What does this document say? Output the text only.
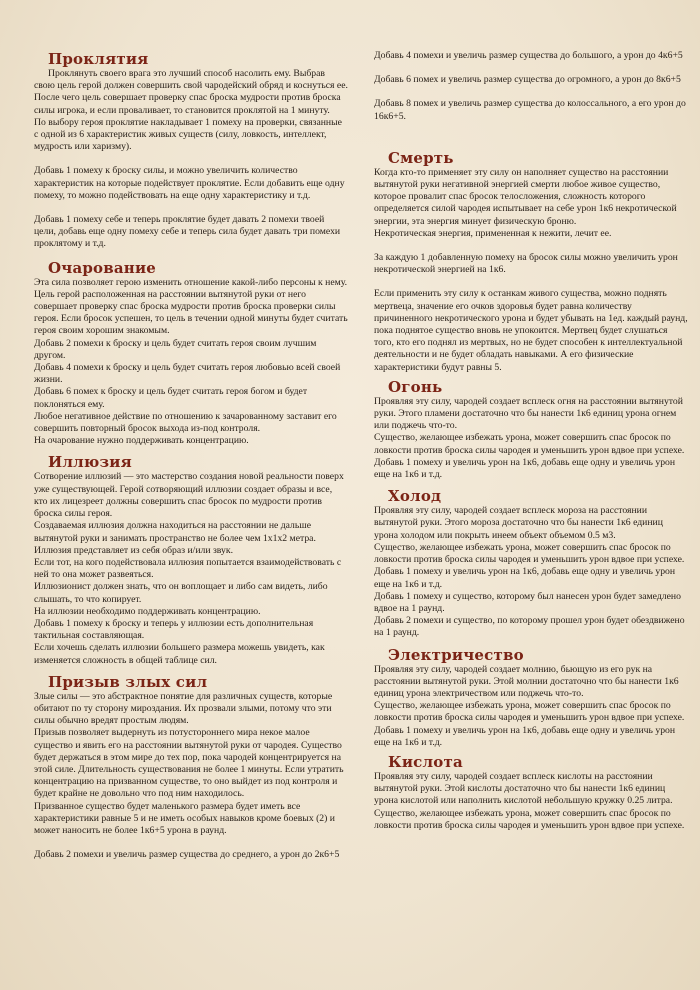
Проклятия

Проклянуть своего врага это лучший способ насолить ему. Выбрав свою цель герой должен совершить свой чародейский обряд и коснуться ее. После чего цель совершает проверку спас броска мудрости против броска силы игрока, и если проваливает, то становится проклятой на 1 минуту.

По выбору героя проклятие накладывает 1 помеху на проверки, связанные с одной из 6 характеристик живых существ (силу, ловкость, интеллект, мудрость или харизму).

Добавь 1 помеху к броску силы, и можно увеличить количество характеристик на которые подействует проклятие. Если добавить еще одну помеху, то можно подействовать на еще одну характеристику и т.д.

Добавь 1 помеху себе и теперь проклятие будет давать 2 помехи твоей цели, добавь еще одну помеху себе и теперь сила будет давать три помехи проклятому и т.д.

Очарование

Эта сила позволяет герою изменить отношение какой-либо персоны к нему. Цель герой расположенная на расстоянии вытянутой руки от него совершает проверку спас броска мудрости против броска проверки силы героя. Если бросок успешен, то цель в течении одной минуты будет считать героя своим хорошим знакомым.

Добавь 2 помехи к броску и цель будет считать героя своим лучшим другом.

Добавь 4 помехи к броску и цель будет считать героя любовью всей своей жизни.

Добавь 6 помех к броску и цель будет считать героя богом и будет поклоняться ему.

Любое негативное действие по отношению к зачарованному заставит его совершить повторный бросок выхода из-под контроля.

На очарование нужно поддерживать концентрацию.

Иллюзия

Сотворение иллюзий — это мастерство создания новой реальности поверх уже существующей. Герой сотворяющий иллюзии создает образы и все, кто их лицезреет должны совершить спас бросок по мудрости против броска силы героя.

Создаваемая иллюзия должна находиться на расстоянии не дальше вытянутой руки и занимать пространство не более чем 1х1х2 метра.

Иллюзия представляет из себя образ и/или звук.

Если тот, на кого подействовала иллюзия попытается взаимодействовать с ней то она может развеяться.

Иллюзионист должен знать, что он воплощает и либо сам видеть, либо слышать, то что копирует.

На иллюзии необходимо поддерживать концентрацию.

Добавь 1 помеху к броску и теперь у иллюзии есть дополнительная тактильная составляющая.

Если хочешь сделать иллюзии большего размера можешь увидеть, как изменяется сложность в общей таблице сил.

Призыв злых сил

Злые силы — это абстрактное понятие для различных существ, которые обитают по ту сторону мироздания. Их прозвали злыми, потому что эти силы обычно вредят простым людям.

Призыв позволяет выдернуть из потустороннего мира некое малое существо и явить его на расстоянии вытянутой руки от чародея. Существо будет держаться в этом мире до тех пор, пока чародей концентрируется на этой силе. Длительность существования не более 1 минуты. Если утратить концентрацию на призванном существе, то оно выйдет из под контроля и будет крайне не довольно что под ним находилось.

Призванное существо будет маленького размера будет иметь все характеристики равные 5 и не иметь особых навыков кроме боевых (2) и может наносить не более 1к6+5 урона в раунд.

Добавь 2 помехи и увеличь размер существа до среднего, а урон до 2к6+5

Добавь 4 помехи и увеличь размер существа до большого, а урон до 4к6+5

Добавь 6 помех и увеличь размер существа до огромного, а урон до 8к6+5

Добавь 8 помех и увеличь размер существа до колоссального, а его урон до 16к6+5.

Смерть

Когда кто-то применяет эту силу он наполняет существо на расстоянии вытянутой руки негативной энергией смерти любое живое существо, которое провалит спас бросок телосложения, сложность которого определяется силой чародея испытывает на себе урон 1к6 некротической энергии, эта энергия минует физическую броню.

Некротическая энергия, примененная к нежити, лечит ее.

За каждую 1 добавленную помеху на бросок силы можно увеличить урон некротической энергией на 1к6.

Если применить эту силу к останкам живого существа, можно поднять мертвеца, значение его очков здоровья будет равна количеству причиненного некротического урона и будет убывать на 1ед. каждый раунд, пока поднятое существо вновь не упокоится. Мертвец будет слушаться того, кто его поднял из мертвых, но не будет способен к интеллектуальной деятельности и не будет обладать навыками. А его физические характеристики будут равны 5.

Огонь

Проявляя эту силу, чародей создает вcплеск огня на расстоянии вытянутой руки. Этого пламени достаточно что бы нанести 1к6 единиц урона огнем или поджечь что-то.

Существо, желающее избежать урона, может совершить спас бросок по ловкости против броска силы чародея и уменьшить урон вдвое при успехе.

Добавь 1 помеху и увеличь урон на 1к6, добавь еще одну и увеличь урон еще на 1к6 и т.д.

Холод

Проявляя эту силу, чародей создает вcплеск мороза на расстоянии вытянутой руки. Этого мороза достаточно что бы нанести 1к6 единиц урона холодом или покрыть инеем объект объемом 0.5 м3.

Существо, желающее избежать урона, может совершить спас бросок по ловкости против броска силы чародея и уменьшить урон вдвое при успехе.

Добавь 1 помеху и увеличь урон на 1к6, добавь еще одну и увеличь урон еще на 1к6 и т.д.

Добавь 1 помеху и существо, которому был нанесен урон будет замедлено вдвое на 1 раунд.

Добавь 2 помехи и существо, по которому прошел урон будет обездвижено на 1 раунд.

Электричество

Проявляя эту силу, чародей создает молнию, бьющую из его рук на расстоянии вытянутой руки. Этой молнии достаточно что бы нанести 1к6 единиц урона электричеством или поджечь что-то.

Существо, желающее избежать урона, может совершить спас бросок по ловкости против броска силы чародея и уменьшить урон вдвое при успехе.

Добавь 1 помеху и увеличь урон на 1к6, добавь еще одну и увеличь урон еще на 1к6 и т.д.

Кислота

Проявляя эту силу, чародей создает вcплеск кислоты на расстоянии вытянутой руки. Этой кислоты достаточно что бы нанести 1к6 единиц урона кислотой или наполнить кислотой небольшую кружку 0.25 литра.

Существо, желающее избежать урона, может совершить спас бросок по ловкости против броска силы чародея и уменьшить урон вдвое при успехе.
